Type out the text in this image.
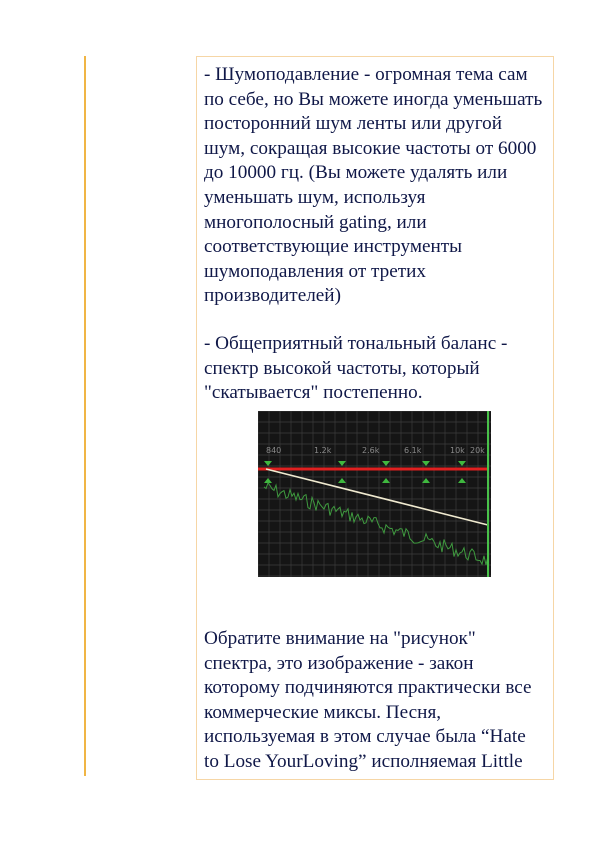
- Шумоподавление - огромная тема сам
по себе, но Вы можете иногда уменьшать
посторонний шум ленты или другой
шум, сокращая высокие частоты от 6000
до 10000 гц. (Вы можете удалять или
уменьшать шум, используя
многополосный gating, или
соответствующие инструменты
шумоподавления от третих
производителей)

- Общеприятный тональный баланс -
спектр высокой частоты, который
"скатывается" постепенно.

840	1.2k	2.6k	6.1k	10k 20k

Обратите внимание на "рисунок"
спектра, это изображение - закон
которому подчиняются практически все
коммерческие миксы. Песня,
используемая в этом случае была “Hate
to Lose YourLoving” исполняемая Little
